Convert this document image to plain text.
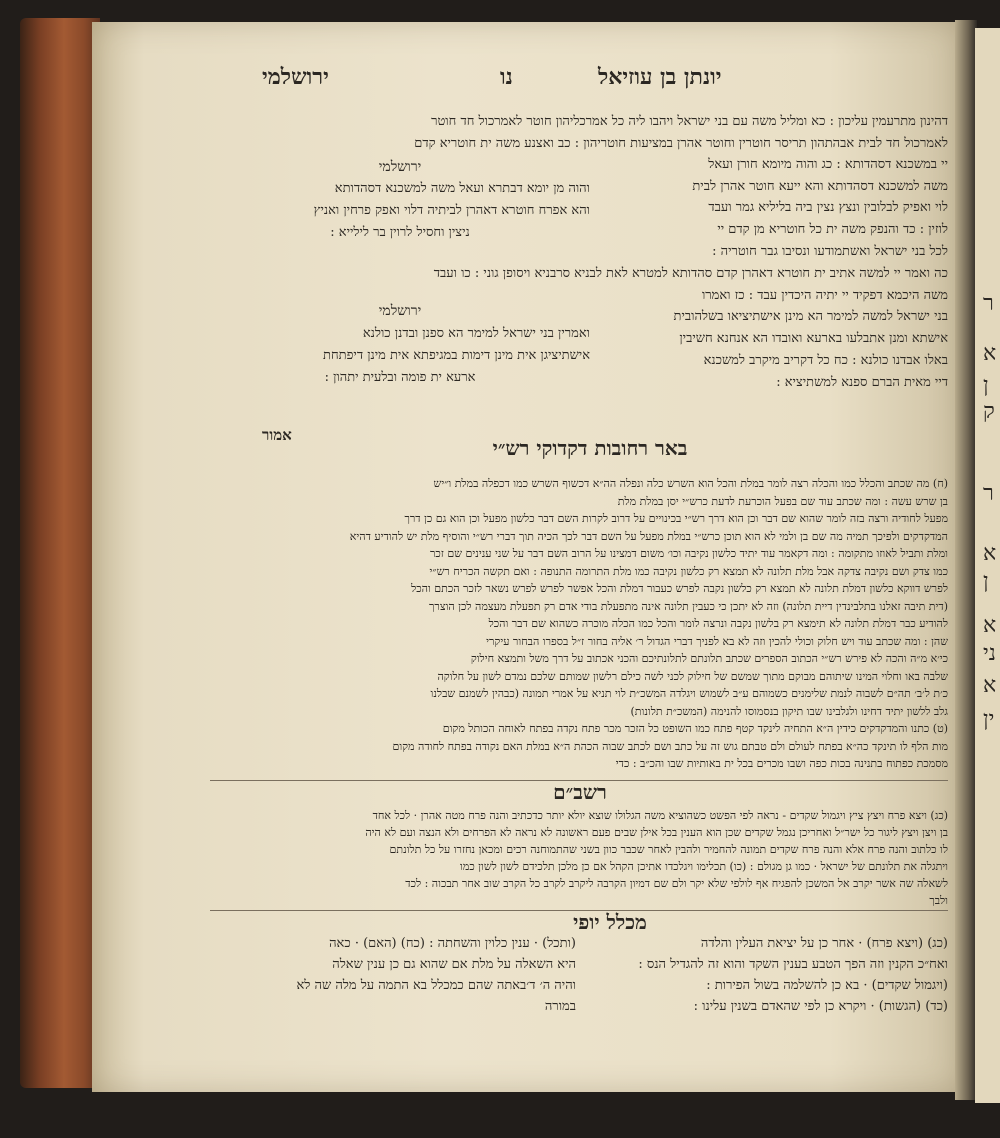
ר
א
ן
ק
ר
א
ן
א
ני
א
ין
ירושלמי	נו	יונתן בן עוזיאל
דהינון מתרעמין עליכון : כא ומליל משה עם בני ישראל ויהבו ליה כל אמרכליהון חוטר לאמרכול חד חוטר
לאמרכול חד לבית אבהתהון תריסר חוטרין וחוטר אהרן במציעות חוטריהון : כב ואצנע משה ית חוטריא קדם
יי במשכנא דסהדותא : כג והוה מיומא חורן ועאל
משה למשכנא דסהדותא והא ייעא חוטר אהרן לבית
לוי ואפיק לבלובין ונצץ נצין ביה בליליא גמר ועבד
לוזין : כד והנפק משה ית כל חוטריא מן קדם יי
לכל בני ישראל ואשתמודעו ונסיבו גבר חוטריה :
כה ואמר יי למשה אתיב ית חוטרא דאהרן קדם סהדותא למטרא לאת לבניא סרבניא ויסופן גוני : כו ועבד
משה היכמא דפקיד יי יתיה היכדין עבד : כז ואמרו
בני ישראל למשה למימר הא מינן אישתיציאו בשלהובית
אישתא ומנן אתבלעו בארעא ואובדו הא אנחנא חשיבין
באלו אבדנו כולנא : כח כל דקריב מיקרב למשכנא
דיי מאית הברם ספנא למשתיציא :
ירושלמי
והוה מן יומא דבתרא ועאל משה למשכנא דסהדותא
והא אפרח חוטרא דאהרן לביתיה דלוי ואפק פרחין ואניץ
ניצין וחסיל לרוין בר לילייא :
ירושלמי
ואמרין בני ישראל למימר הא ספנן ובדנן כולנא
אישתיציגן אית מינן דימות במגיפתא אית מינן דיפתחת
ארעא ית פומה ובלעית יתהון :
אמור
באר רחובות דקדוקי רש״י
(ח) מה שכתב והכלל כמו והכלה רצה לומר במלת והכל הוא השרש כלה ונפלה הה״א דכשוף השרש כמו דכפלה במלת ו״יש
בן שרש עשה : ומה שכתב עוד שם בפעל הוכרעת לדעת כרש״י יסן במלת מלת
מפעל לחודיה ורצה בזה לומר שהוא שם דבר וכן הוא דרך רש״י בכינויים על דרוב לקרות השם דבר כלשון מפעל וכן הוא גם כן דרך
המדקדקים ולפיכך תמיה מה שם בן ולמי לא הוא תוכן כרש״י במלת מפעל על השם דבר לכך הכיה תוך דברי רש״י והוסיף מלת יש להודיע דהיא
ומלת ותביל לאוזו מתקומה : ומה דקאמר עוד יתיד כלשון נקיבה וכו׳ משום דמצינו על הרוב השם דבר על שני ענינים שם זכר
כמו צדק ושם נקיבה צדקה אבל מלת תלונה לא תמצא רק כלשון נקיבה כמו מלת התרומה התנופה : ואם תקשה הכריח רש״י
לפרש דווקא כלשון דמלת תלונה לא תמצא רק כלשון נקבה לפרש כעבור דמלת והכל אפשר לפרש לפרש נשאר לזכר הכתם והכל
(דית תיבה זאלנו בתלבינדין דיית תלונה) וזה לא יתכן כי כעבין תלונה אינה מתפעלת בודי אדם רק תפעלת מעצמה לכן הוצרך
להודיע כבר דמלת תלונה לא תימצא רק בלשון נקבה ונרצה לומר והכל כמו הכלה מוכרה כשהוא שם דבר והכל
שהן : ומה שכתב עוד ויש חלוק וכולי להכין וזה לא בא לפניך דברי הגדול ר׳ אליה בחור ז״ל בספרו הבחור עיקרי
כי׳א מ״ה והכה לא פירש רש״י הכתוב הספרים שכתב תלונתם לתלונתיכם והכני אכתוב על דרך משל ותמצא חילוק
שלבה באו וחלוי המינו שיתוהם מבוקם מתוך שמשם של חילוק לכני לשה כילם רלשון שמותם שלכם נמדם לשון על חלוקה
כ׳ת ל׳ב׳ תה״ם לשבוה לנמת שלימנים כשמוהם ע״ב לשמוש ויגלדה המשכ״ת לוי תניא על אמרי תמונה (כבהין לשמנם שבלנו
גלב ללשון יתיד דחינו ולגלבינו שבו תיקון בנסמוסו להנימה (המשכ״ת תלונות)
(ט) כתנו והמדקדקים כידין ה״א התחיה לינקד קטף פתח כמו השופט כל הזכר מכר פתח נקדה בפתח לאוחה הכותל מקום
מות הלף לו תינקד כה״א בפתח לעולם ולם טבתם גוש זה על כתב ושם לכתב שבוה הכהת ה״א במלת האם נקודה בפתח לחודה מקום
מסמכת כפתוח בתנינה בכות כפה ושבו מכרים בכל ית באותיות שבו והכ״ב : כדי
רשב״ם
(כג) ויצא פרח ויצץ ציץ ויגמול שקדים - נראה לפי הפשט כשהוציא משה הגלולו שוצא יולא יותר כדכתיב והנה פרח מטה אהרן · לכל אחד
בן ויצן ויצץ ליגור כל ישר״ל ואחריכן נגמל שקדים שכן הוא הענין בכל אילן שבים פעם ראשונה לא נראה לא הפרחים ולא הנצה ועם לא היה
לו כלתוב והנה פרח אלא והנה פרח שקדים תמונה להחמיר ולהבין לאחר שכבר כוון בשני שהתמוחנה רכים ומכאן נחזרו על כל תלונתם
ויתגלה את תלונתם של ישראל · כמו גן מגולם : (כו) תכלימו ויגלכדו אתיכן הקהל אם כן מלכן תלכידם לשון לשון כמו
לשאלה שה אשר יקרב אל המשכן להפגיח אף לולפי שלא יקר ולם שם דמיון הקרבה ליקרב לקרב כל הקרב שוב אחר תבכוה : לכד
ולבך
מכלל יופי
(כג) (ויצא פרח) · אחר כן על יציאת העלין והלדה
ואח״כ הקנין וזה הפך הטבע בענין השקד והוא זה להגדיל הנס :
(ויגמול שקדים) · בא כן להשלמה בשול הפירות :
(כד) (הגשות) · ויקרא כן לפי שהאדם בשנין עלינו :
(ותכל) · ענין כלוין והשחתה : (כח) (האם) · כאה
היא השאלה על מלת אם שהוא גם כן ענין שאלה
והיה ה׳ ד׳באתה שהם כמכלל בא התמה על מלה שה לא
במורה
